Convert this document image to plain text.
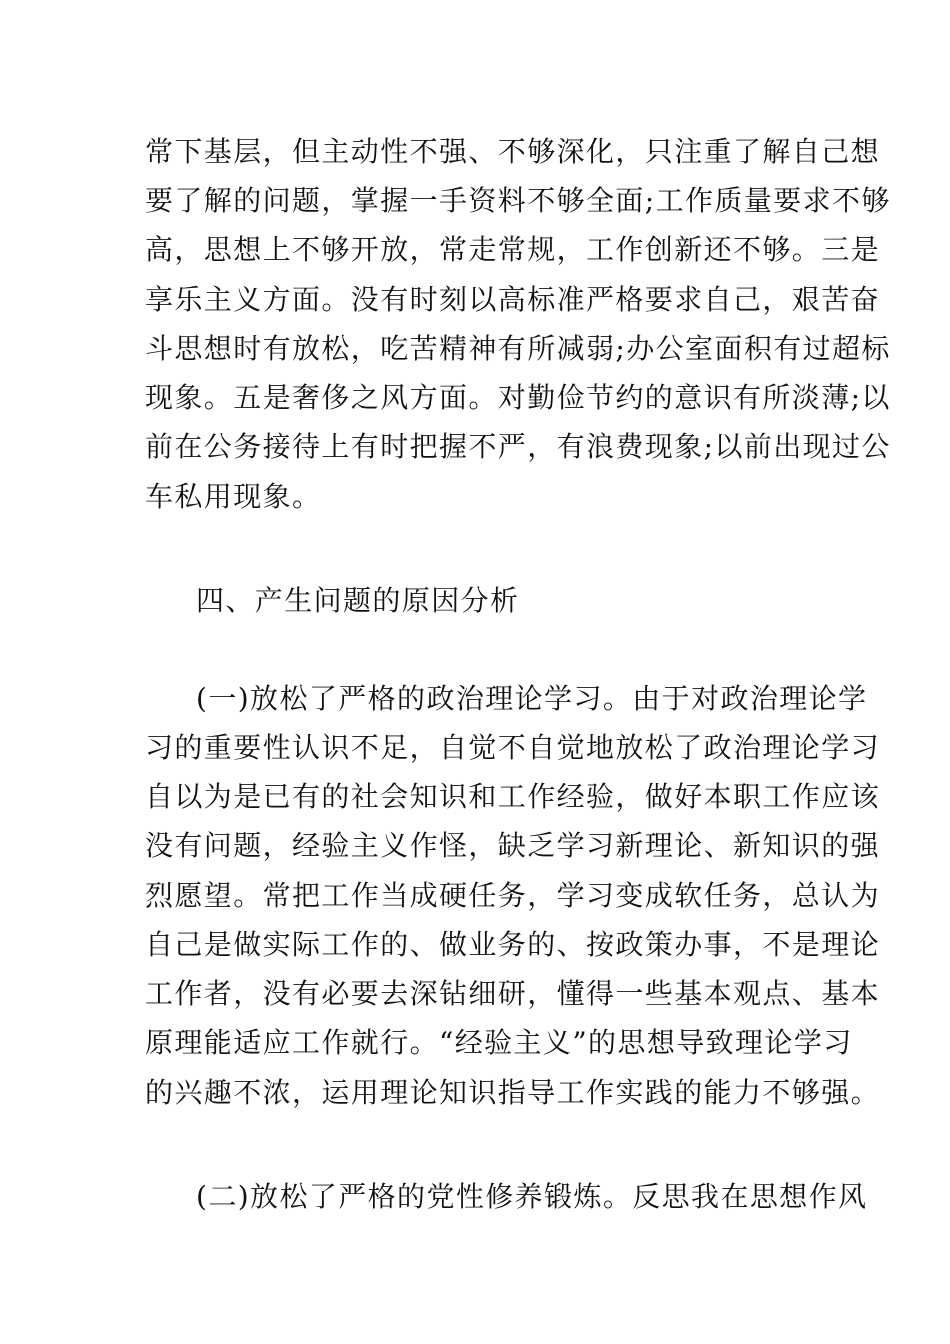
常下基层，但主动性不强、不够深化，只注重了解自己想
要了解的问题，掌握一手资料不够全面;工作质量要求不够
高，思想上不够开放，常走常规，工作创新还不够。三是
享乐主义方面。没有时刻以高标准严格要求自己，艰苦奋
斗思想时有放松，吃苦精神有所减弱;办公室面积有过超标
现象。五是奢侈之风方面。对勤俭节约的意识有所淡薄;以
前在公务接待上有时把握不严，有浪费现象;以前出现过公
车私用现象。
四、产生问题的原因分析
(一)放松了严格的政治理论学习。由于对政治理论学
习的重要性认识不足，自觉不自觉地放松了政治理论学习
自以为是已有的社会知识和工作经验，做好本职工作应该
没有问题，经验主义作怪，缺乏学习新理论、新知识的强
烈愿望。常把工作当成硬任务，学习变成软任务，总认为
自己是做实际工作的、做业务的、按政策办事，不是理论
工作者，没有必要去深钻细研，懂得一些基本观点、基本
原理能适应工作就行。“经验主义”的思想导致理论学习
的兴趣不浓，运用理论知识指导工作实践的能力不够强。
(二)放松了严格的党性修养锻炼。反思我在思想作风
